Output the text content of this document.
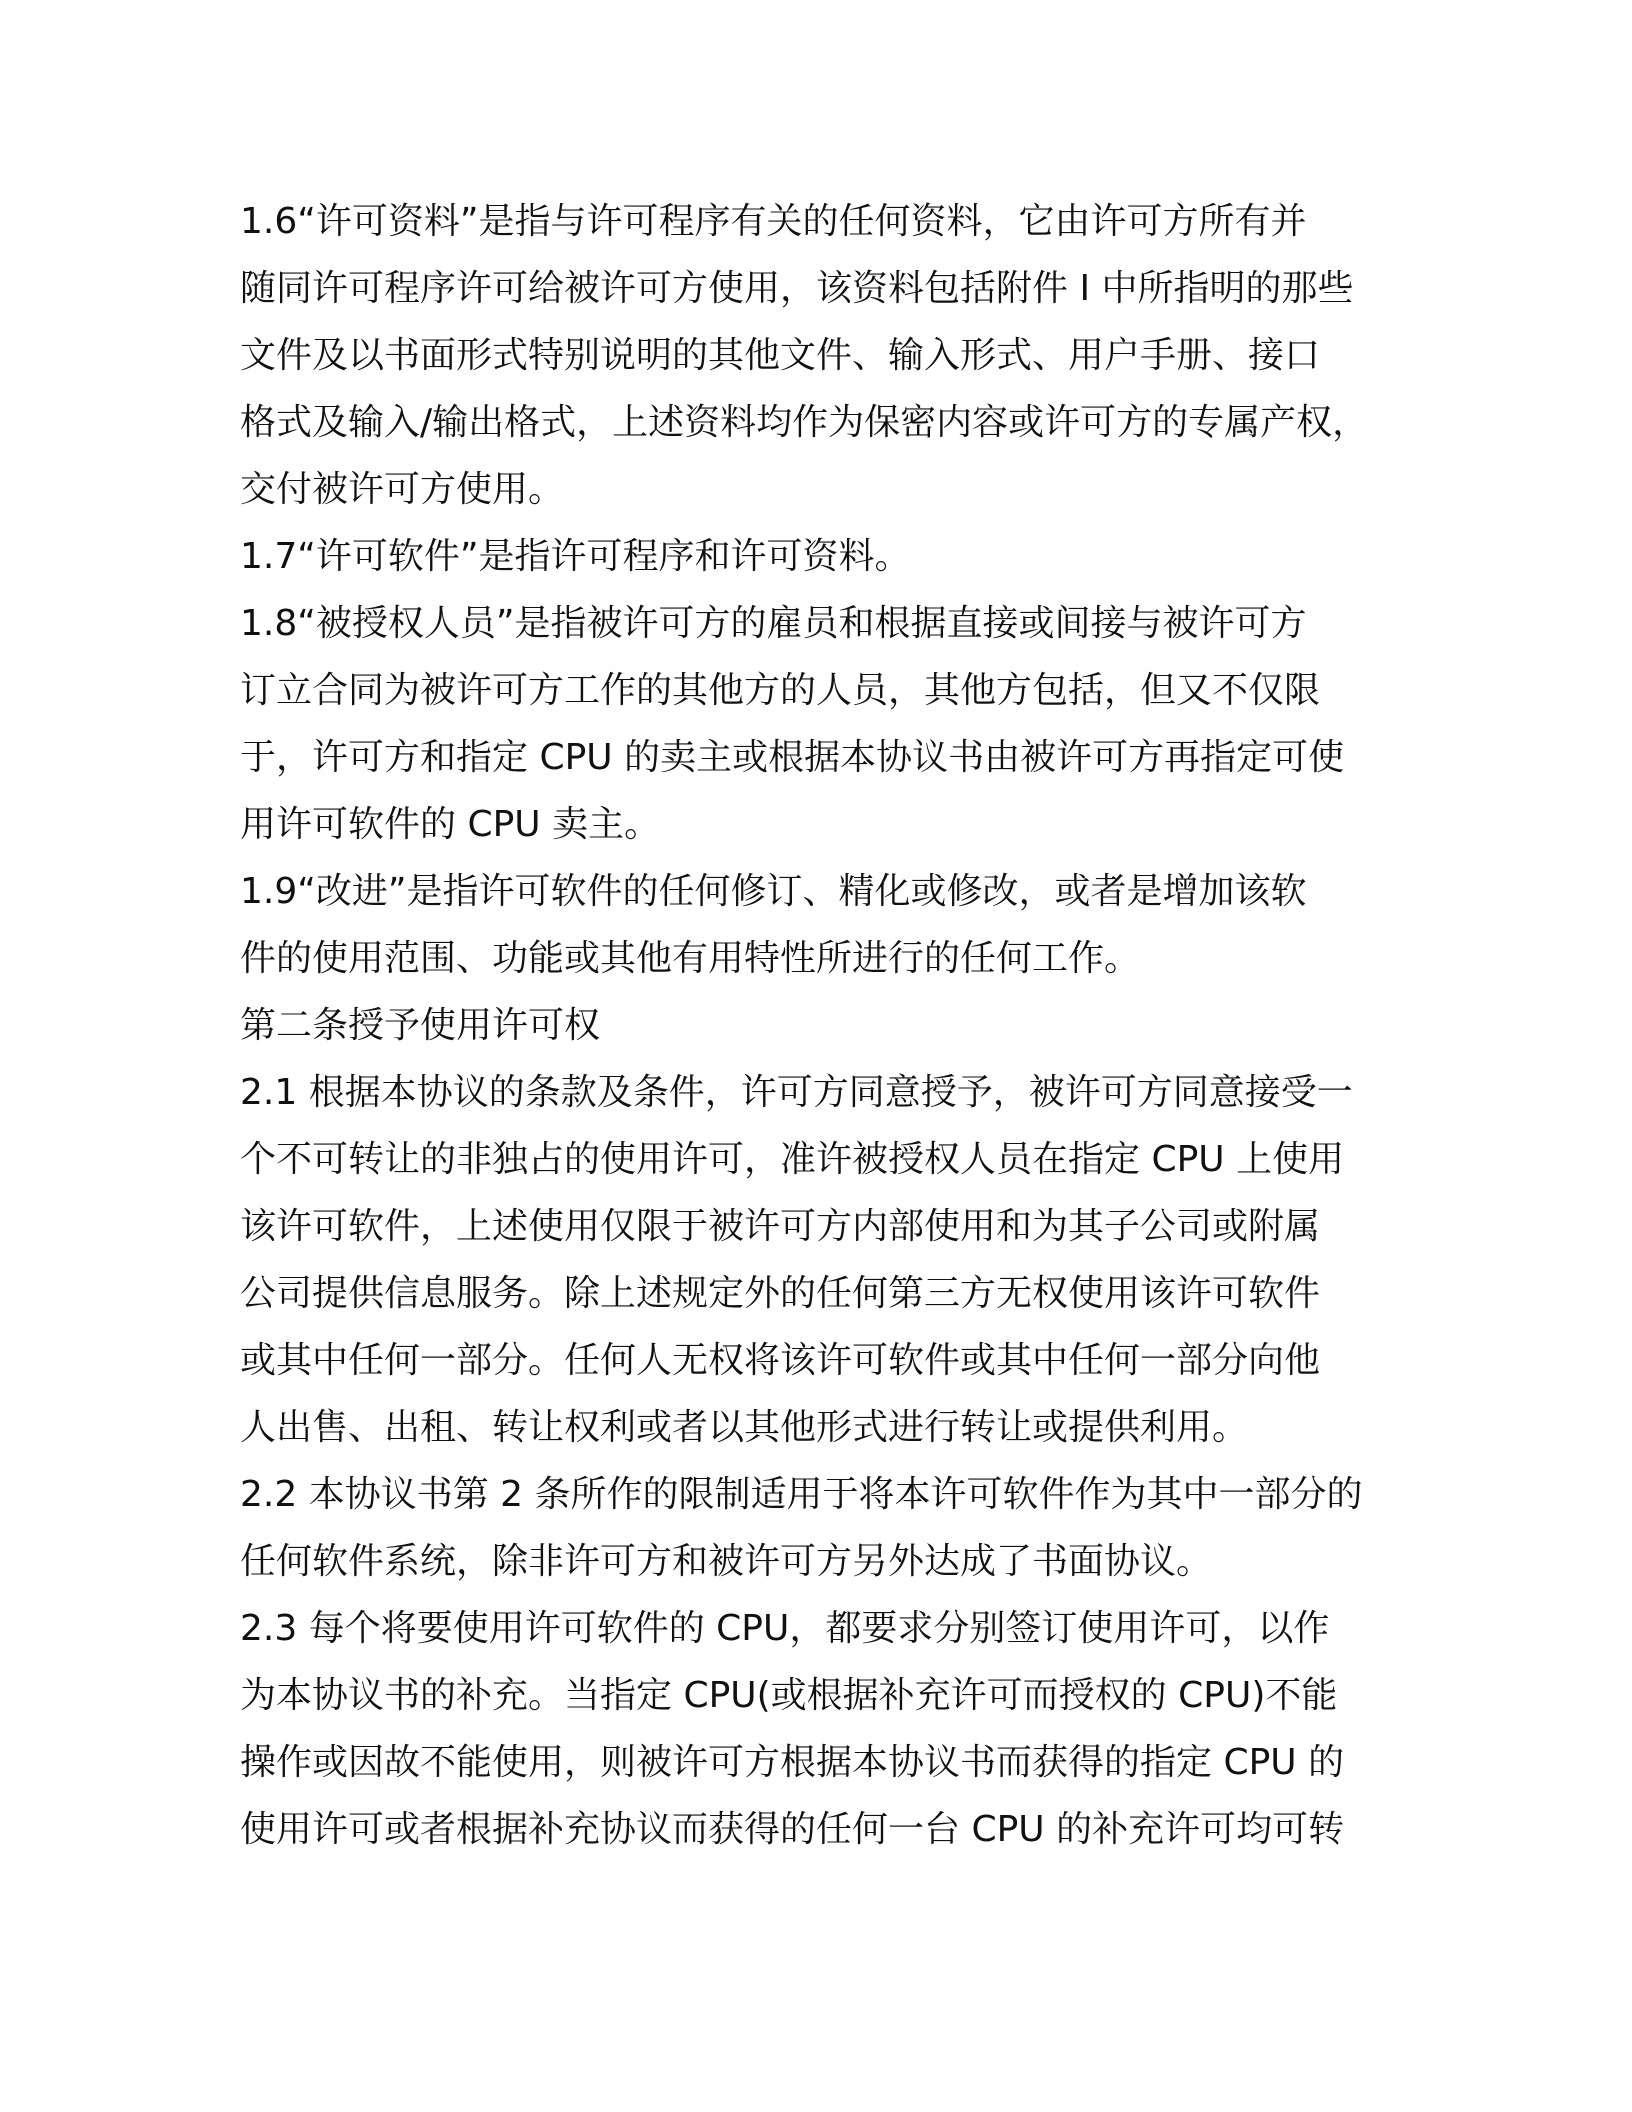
1.6“许可资料”是指与许可程序有关的任何资料，它由许可方所有并
随同许可程序许可给被许可方使用，该资料包括附件 I 中所指明的那些
文件及以书面形式特别说明的其他文件、输入形式、用户手册、接口
格式及输入/输出格式，上述资料均作为保密内容或许可方的专属产权，
交付被许可方使用。
1.7“许可软件”是指许可程序和许可资料。
1.8“被授权人员”是指被许可方的雇员和根据直接或间接与被许可方
订立合同为被许可方工作的其他方的人员，其他方包括，但又不仅限
于，许可方和指定 CPU 的卖主或根据本协议书由被许可方再指定可使
用许可软件的 CPU 卖主。
1.9“改进”是指许可软件的任何修订、精化或修改，或者是增加该软
件的使用范围、功能或其他有用特性所进行的任何工作。
第二条授予使用许可权
2.1 根据本协议的条款及条件，许可方同意授予，被许可方同意接受一
个不可转让的非独占的使用许可，准许被授权人员在指定 CPU 上使用
该许可软件，上述使用仅限于被许可方内部使用和为其子公司或附属
公司提供信息服务。除上述规定外的任何第三方无权使用该许可软件
或其中任何一部分。任何人无权将该许可软件或其中任何一部分向他
人出售、出租、转让权利或者以其他形式进行转让或提供利用。
2.2 本协议书第 2 条所作的限制适用于将本许可软件作为其中一部分的
任何软件系统，除非许可方和被许可方另外达成了书面协议。
2.3 每个将要使用许可软件的 CPU，都要求分别签订使用许可，以作
为本协议书的补充。当指定 CPU(或根据补充许可而授权的 CPU)不能
操作或因故不能使用，则被许可方根据本协议书而获得的指定 CPU 的
使用许可或者根据补充协议而获得的任何一台 CPU 的补充许可均可转
